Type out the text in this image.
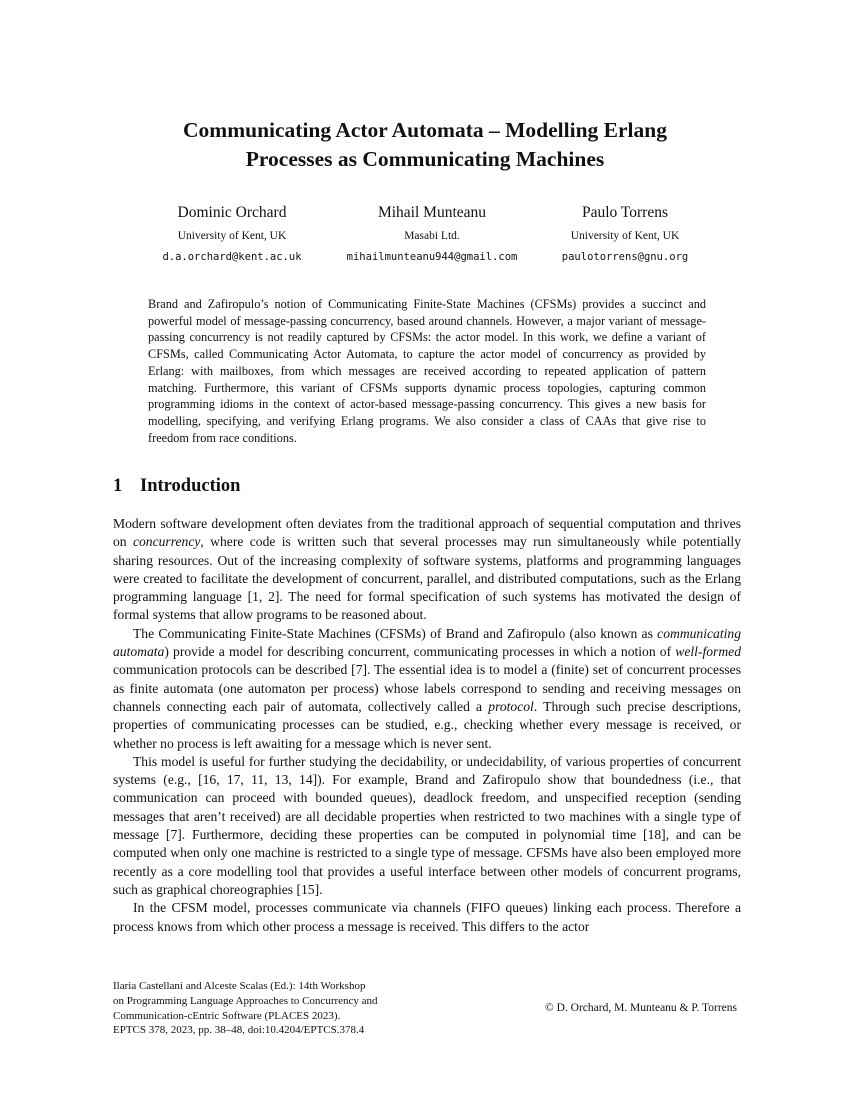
Communicating Actor Automata – Modelling Erlang
Processes as Communicating Machines
Dominic Orchard
University of Kent, UK
d.a.orchard@kent.ac.uk
Mihail Munteanu
Masabi Ltd.
mihailmunteanu944@gmail.com
Paulo Torrens
University of Kent, UK
paulotorrens@gnu.org
Brand and Zafiropulo’s notion of Communicating Finite-State Machines (CFSMs) provides a succinct and powerful model of message-passing concurrency, based around channels. However, a major variant of message-passing concurrency is not readily captured by CFSMs: the actor model. In this work, we define a variant of CFSMs, called Communicating Actor Automata, to capture the actor model of concurrency as provided by Erlang: with mailboxes, from which messages are received according to repeated application of pattern matching. Furthermore, this variant of CFSMs supports dynamic process topologies, capturing common programming idioms in the context of actor-based message-passing concurrency. This gives a new basis for modelling, specifying, and verifying Erlang programs. We also consider a class of CAAs that give rise to freedom from race conditions.
1 Introduction

Modern software development often deviates from the traditional approach of sequential computation and thrives on concurrency, where code is written such that several processes may run simultaneously while potentially sharing resources. Out of the increasing complexity of software systems, platforms and programming languages were created to facilitate the development of concurrent, parallel, and distributed computations, such as the Erlang programming language [1, 2]. The need for formal specification of such systems has motivated the design of formal systems that allow programs to be reasoned about.

The Communicating Finite-State Machines (CFSMs) of Brand and Zafiropulo (also known as communicating automata) provide a model for describing concurrent, communicating processes in which a notion of well-formed communication protocols can be described [7]. The essential idea is to model a (finite) set of concurrent processes as finite automata (one automaton per process) whose labels correspond to sending and receiving messages on channels connecting each pair of automata, collectively called a protocol. Through such precise descriptions, properties of communicating processes can be studied, e.g., checking whether every message is received, or whether no process is left awaiting for a message which is never sent.

This model is useful for further studying the decidability, or undecidability, of various properties of concurrent systems (e.g., [16, 17, 11, 13, 14]). For example, Brand and Zafiropulo show that boundedness (i.e., that communication can proceed with bounded queues), deadlock freedom, and unspecified reception (sending messages that aren’t received) are all decidable properties when restricted to two machines with a single type of message [7]. Furthermore, deciding these properties can be computed in polynomial time [18], and can be computed when only one machine is restricted to a single type of message. CFSMs have also been employed more recently as a core modelling tool that provides a useful interface between other models of concurrent programs, such as graphical choreographies [15].

In the CFSM model, processes communicate via channels (FIFO queues) linking each process. Therefore a process knows from which other process a message is received. This differs to the actor

Ilaria Castellani and Alceste Scalas (Ed.): 14th Workshop
on Programming Language Approaches to Concurrency and
Communication-cEntric Software (PLACES 2023).
EPTCS 378, 2023, pp. 38–48, doi:10.4204/EPTCS.378.4
© D. Orchard, M. Munteanu & P. Torrens
